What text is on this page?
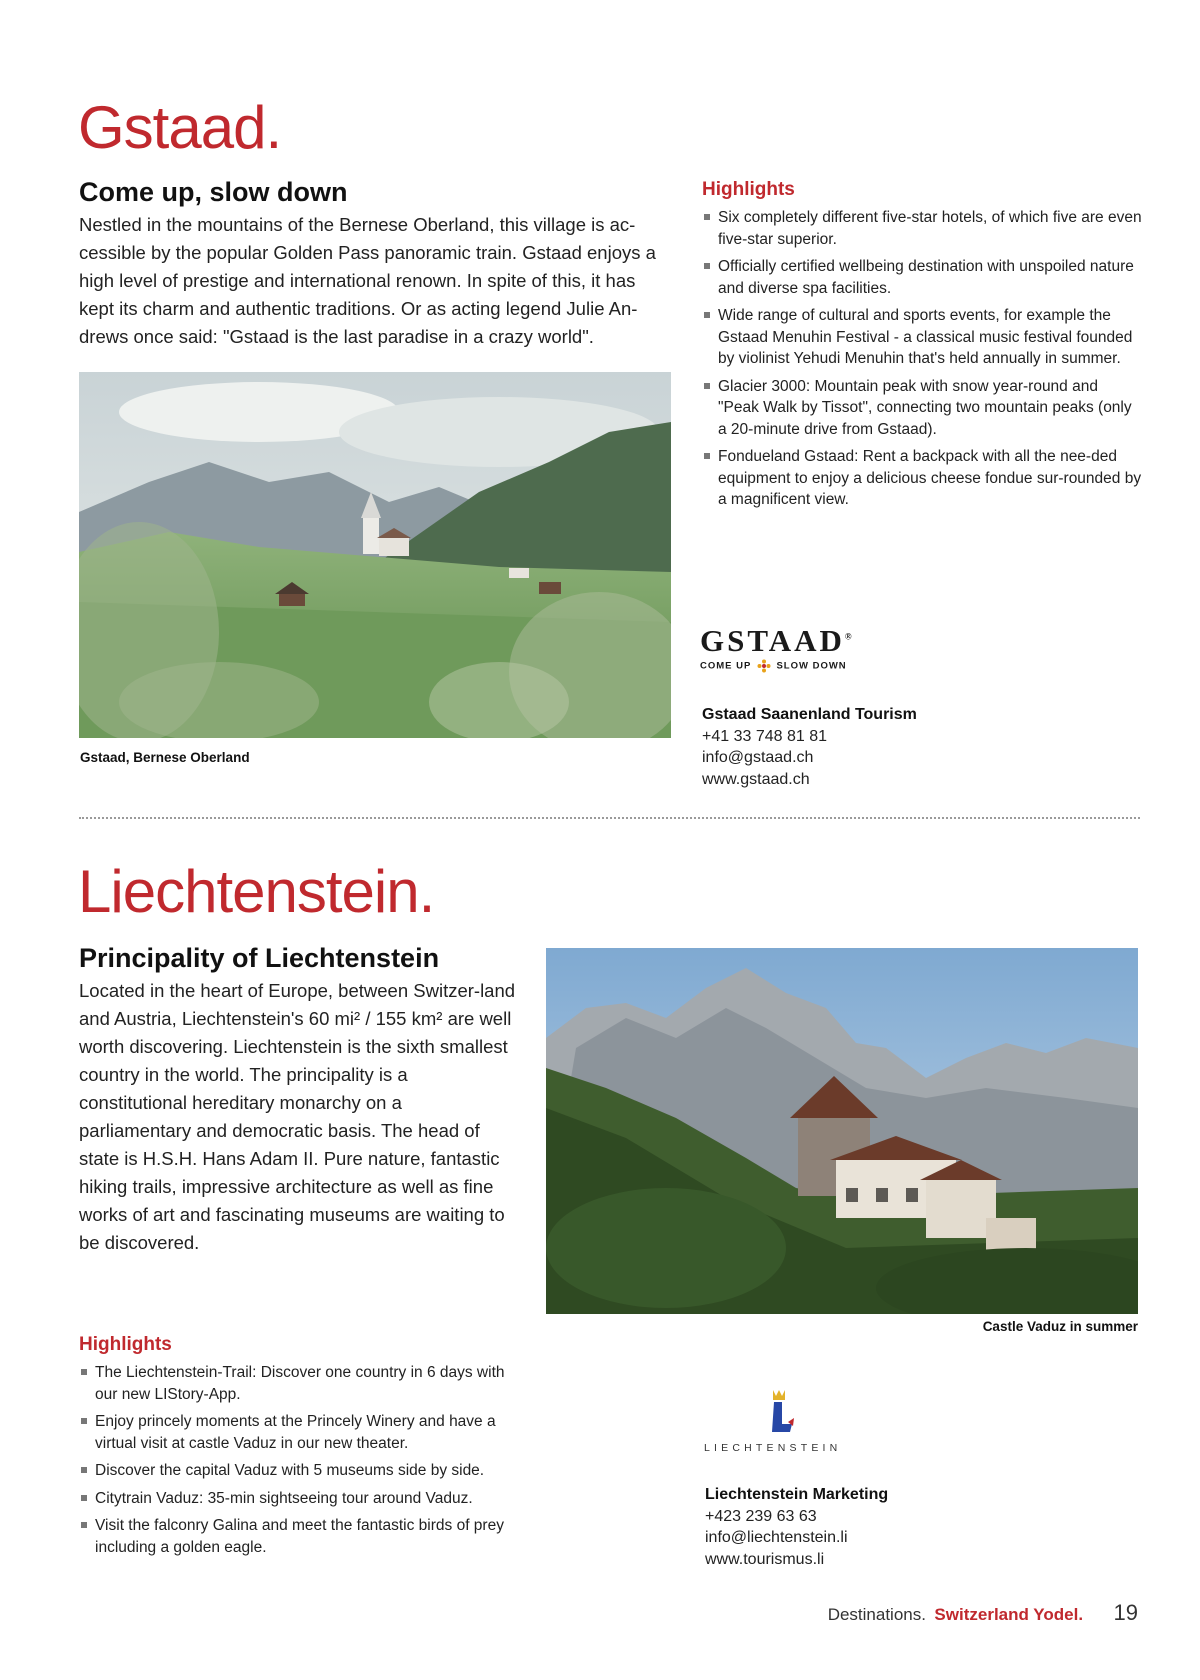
Gstaad.
Come up, slow down

Nestled in the mountains of the Bernese Oberland, this village is ac-cessible by the popular Golden Pass panoramic train. Gstaad enjoys a high level of prestige and international renown. In spite of this, it has kept its charm and authentic traditions. Or as acting legend Julie An-drews once said: "Gstaad is the last paradise in a crazy world".

Gstaad, Bernese Oberland
Highlights
Six completely different five-star hotels, of which five are even five-star superior.
Officially certified wellbeing destination with unspoiled nature and diverse spa facilities.
Wide range of cultural and sports events, for example the Gstaad Menuhin Festival - a classical music festival founded by violinist Yehudi Menuhin that's held annually in summer.
Glacier 3000: Mountain peak with snow year-round and "Peak Walk by Tissot", connecting two mountain peaks (only a 20-minute drive from Gstaad).
Fondueland Gstaad: Rent a backpack with all the nee-ded equipment to enjoy a delicious cheese fondue sur-rounded by a magnificent view.
GSTAAD®
COME UP	SLOW DOWN
Gstaad Saanenland Tourism
+41 33 748 81 81
info@gstaad.ch
www.gstaad.ch
Liechtenstein.
Principality of Liechtenstein

Located in the heart of Europe, between Switzer-land and Austria, Liechtenstein's 60 mi² / 155 km² are well worth discovering. Liechtenstein is the sixth smallest country in the world. The principality is a constitutional hereditary monarchy on a parliamentary and democratic basis. The head of state is H.S.H. Hans Adam II. Pure nature, fantastic hiking trails, impressive architecture as well as fine works of art and fascinating museums are waiting to be discovered.

Castle Vaduz in summer
Highlights
The Liechtenstein-Trail: Discover one country in 6 days with our new LIStory-App.
Enjoy princely moments at the Princely Winery and have a virtual visit at castle Vaduz in our new theater.
Discover the capital Vaduz with 5 museums side by side.
Citytrain Vaduz: 35-min sightseeing tour around Vaduz.
Visit the falconry Galina and meet the fantastic birds of prey including a golden eagle.
LIECHTENSTEIN
Liechtenstein Marketing
+423 239 63 63
info@liechtenstein.li
www.tourismus.li
Destinations. Switzerland Yodel. 19
